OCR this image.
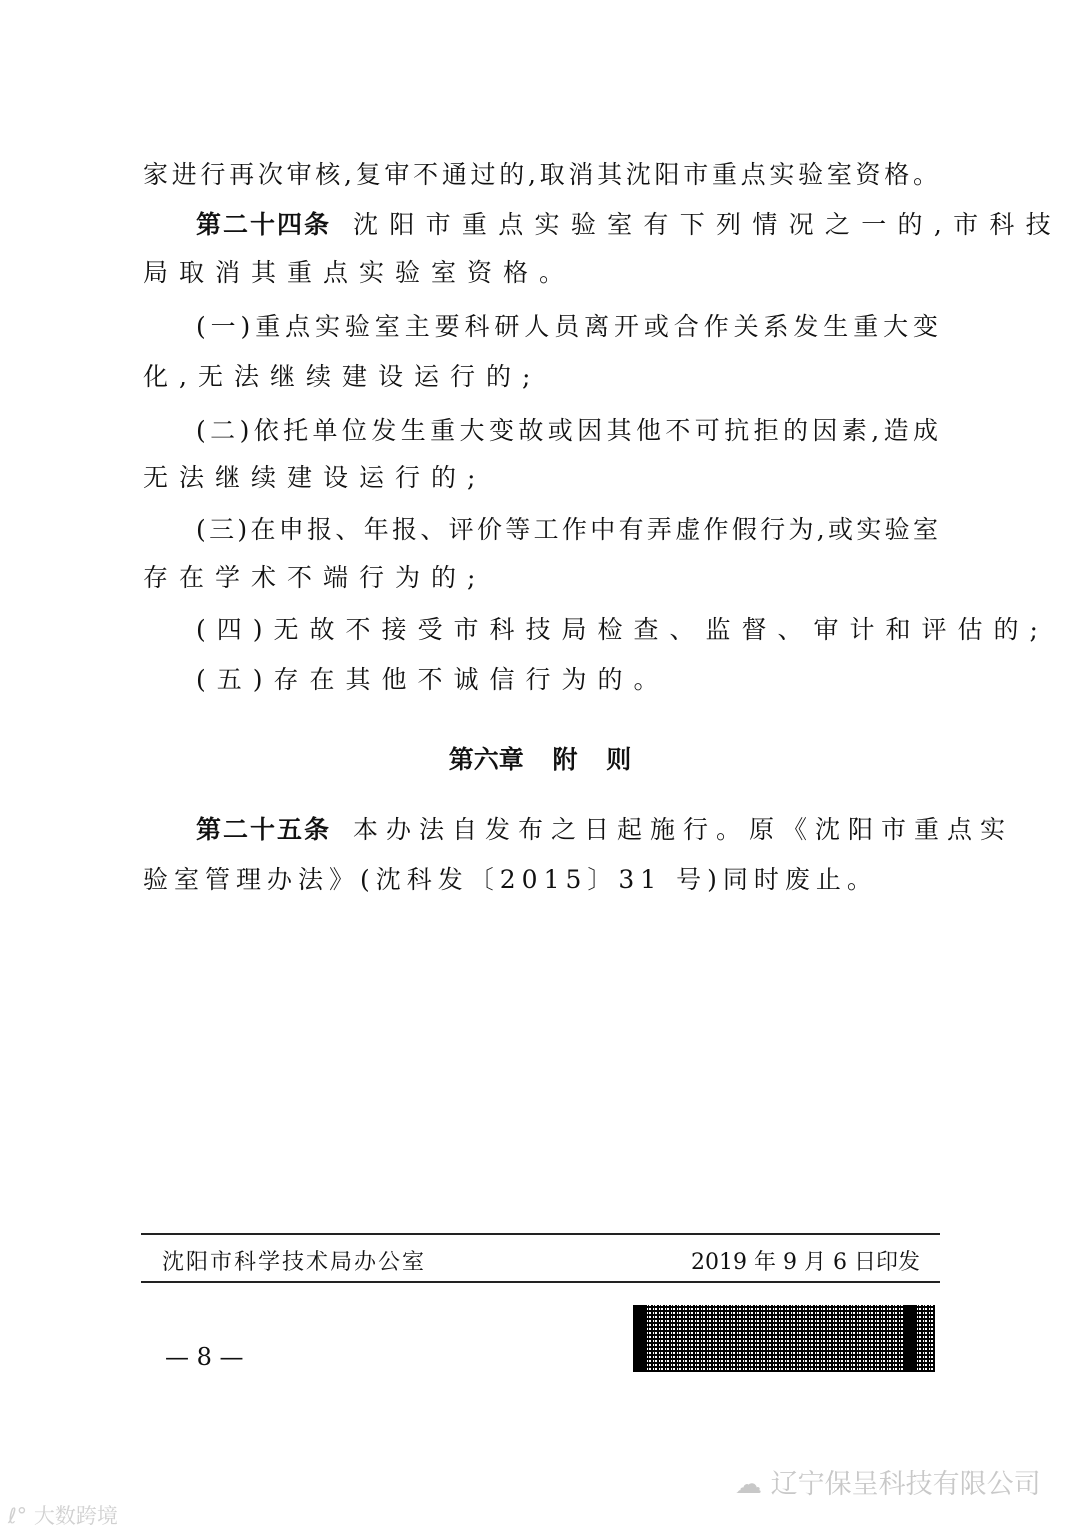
家进行再次审核,复审不通过的,取消其沈阳市重点实验室资格。
第二十四条 沈阳市重点实验室有下列情况之一的,市科技
局取消其重点实验室资格。
(一)重点实验室主要科研人员离开或合作关系发生重大变
化,无法继续建设运行的;
(二)依托单位发生重大变故或因其他不可抗拒的因素,造成
无法继续建设运行的;
(三)在申报、年报、评价等工作中有弄虚作假行为,或实验室
存在学术不端行为的;
(四)无故不接受市科技局检查、监督、审计和评估的;
(五)存在其他不诚信行为的。
第六章 附 则
第二十五条 本办法自发布之日起施行。原《沈阳市重点实
验室管理办法》(沈科发〔2015〕31 号)同时废止。
沈阳市科学技术局办公室	2019 年 9 月 6 日印发
— 8 —
☁ 辽宁保呈科技有限公司
ℓ° 大数跨境
